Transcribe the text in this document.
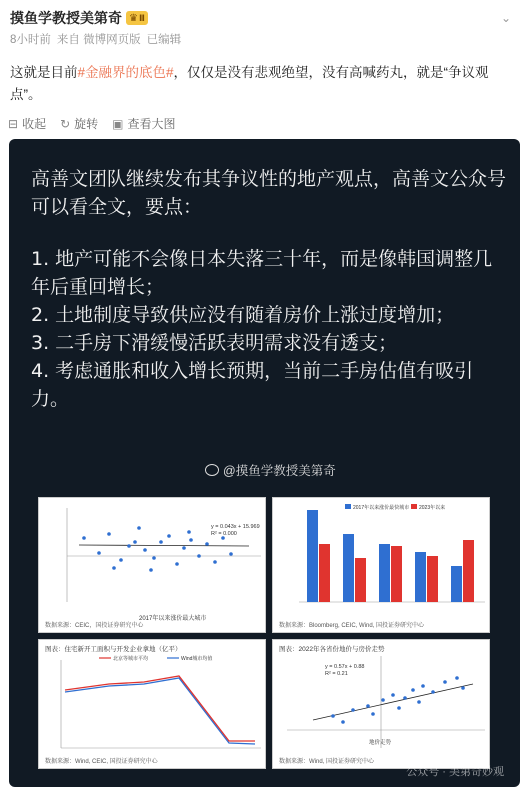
摸鱼学教授美第奇 ♛ Ⅱ	⌄
8小时前 来自 微博网页版 已编辑
这就是目前#金融界的底色#，仅仅是没有悲观绝望，没有高喊药丸，就是“争议观点”。
⊟ 收起 ↻ 旋转 ▣ 查看大图

高善文团队继续发布其争议性的地产观点，高善文公众号可以看全文，要点：

1. 地产可能不会像日本失落三十年，而是像韩国调整几年后重回增长；

2. 土地制度导致供应没有随着房价上涨过度增加；

3. 二手房下滑缓慢活跃表明需求没有透支；

4. 考虑通胀和收入增长预期，当前二手房估值有吸引力。

@摸鱼学教授美第奇
y = 0.043x + 15.969
R² = 0.000
2017年以来涨价最大城市
数据来源：CEIC，国投证券研究中心
2017年以来涨价最快城市 2023年以来
数据来源：Bloomberg, CEIC, Wind, 国投证券研究中心
图表：住宅新开工面积与开发企业拿地（亿平）
北京等城市平均	Wind城市均值
数据来源：Wind, CEIC, 国投证券研究中心
图表：2022年各省份地价与房价走势
y = 0.57x + 0.88
R² = 0.21
地价走势
数据来源：Wind, 国投证券研究中心
公众号 · 美第奇妙观
